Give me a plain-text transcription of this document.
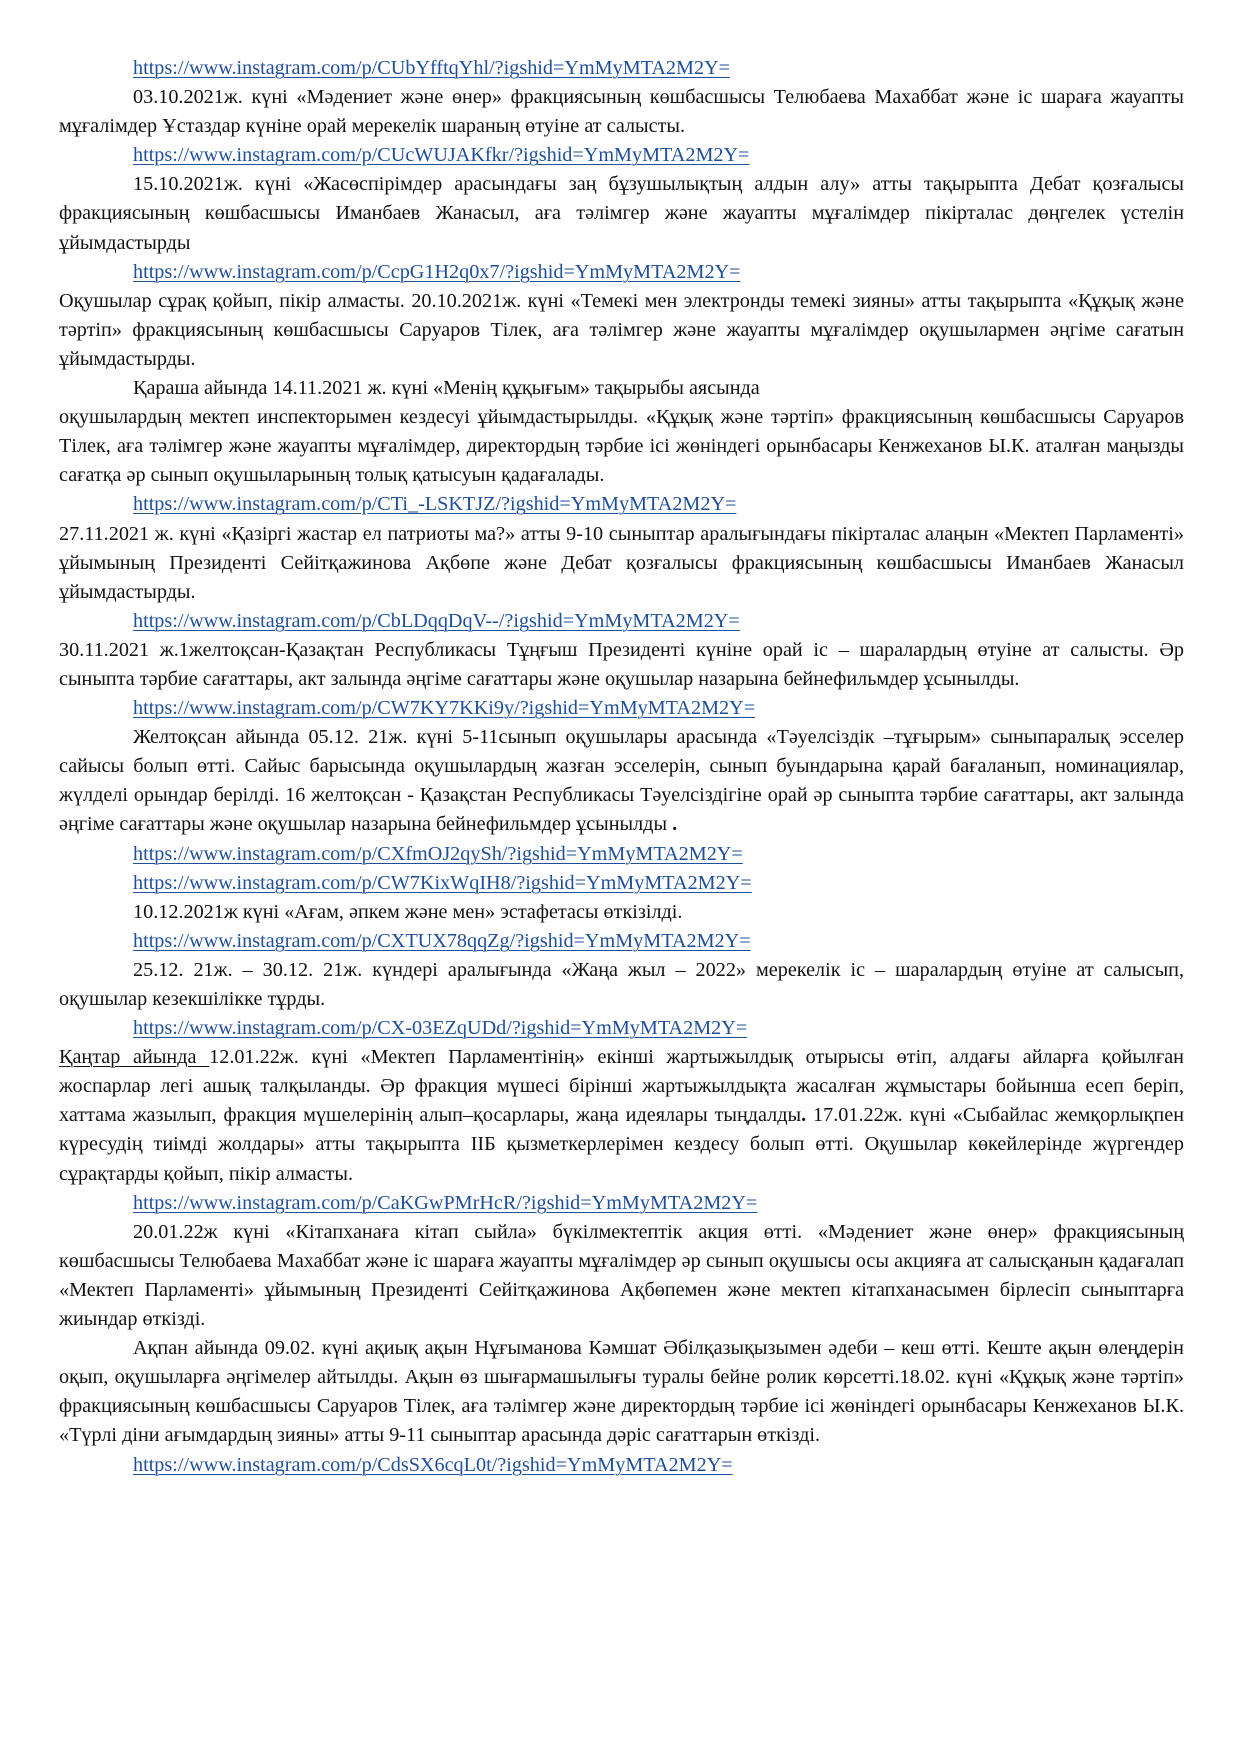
https://www.instagram.com/p/CUbYfftqYhl/?igshid=YmMyMTA2M2Y=

03.10.2021ж. күні «Мәдениет және өнер» фракциясының көшбасшысы Телюбаева Махаббат және іс шараға жауапты мұғалімдер Ұстаздар күніне орай мерекелік шараның өтуіне ат салысты.

https://www.instagram.com/p/CUcWUJAKfkr/?igshid=YmMyMTA2M2Y=

15.10.2021ж. күні «Жасөспірімдер арасындағы заң бұзушылықтың алдын алу» атты тақырыпта Дебат қозғалысы фракциясының көшбасшысы Иманбаев Жанасыл, аға тәлімгер және жауапты мұғалімдер пікірталас дөңгелек үстелін ұйымдастырды

https://www.instagram.com/p/CcpG1H2q0x7/?igshid=YmMyMTA2M2Y=

Оқушылар сұрақ қойып, пікір алмасты. 20.10.2021ж. күні «Темекі мен электронды темекі зияны» атты тақырыпта «Құқық және тәртіп» фракциясының көшбасшысы Саруаров Тілек, аға тәлімгер және жауапты мұғалімдер оқушылармен әңгіме сағатын ұйымдастырды.

Қараша айында 14.11.2021 ж. күні «Менің құқығым» тақырыбы аясында

оқушылардың мектеп инспекторымен кездесуі ұйымдастырылды. «Құқық және тәртіп» фракциясының көшбасшысы Саруаров Тілек, аға тәлімгер және жауапты мұғалімдер, директордың тәрбие ісі жөніндегі орынбасары Кенжеханов Ы.К. аталған маңызды сағатқа әр сынып оқушыларының толық қатысуын қадағалады.

https://www.instagram.com/p/CTi_-LSKTJZ/?igshid=YmMyMTA2M2Y=

27.11.2021 ж. күні «Қазіргі жастар ел патриоты ма?» атты 9-10 сыныптар аралығындағы пікірталас алаңын «Мектеп Парламенті» ұйымының Президенті Сейітқажинова Ақбөпе және Дебат қозғалысы фракциясының көшбасшысы Иманбаев Жанасыл ұйымдастырды.

https://www.instagram.com/p/CbLDqqDqV--/?igshid=YmMyMTA2M2Y=

30.11.2021 ж.1желтоқсан-Қазақтан Республикасы Тұңғыш Президенті күніне орай іс – шаралардың өтуіне ат салысты. Әр сыныпта тәрбие сағаттары, акт залында әңгіме сағаттары және оқушылар назарына бейнефильмдер ұсынылды.

https://www.instagram.com/p/CW7KY7KKi9y/?igshid=YmMyMTA2M2Y=

Желтоқсан айында 05.12. 21ж. күні 5-11сынып оқушылары арасында «Тәуелсіздік –тұғырым» сыныпаралық эсселер сайысы болып өтті. Сайыс барысында оқушылардың жазған эсселерін, сынып буындарына қарай бағаланып, номинациялар, жүлделі орындар берілді. 16 желтоқсан - Қазақстан Республикасы Тәуелсіздігіне орай әр сыныпта тәрбие сағаттары, акт залында әңгіме сағаттары және оқушылар назарына бейнефильмдер ұсынылды .

https://www.instagram.com/p/CXfmOJ2qySh/?igshid=YmMyMTA2M2Y=
https://www.instagram.com/p/CW7KixWqIH8/?igshid=YmMyMTA2M2Y=

10.12.2021ж күні «Ағам, әпкем және мен» эстафетасы өткізілді.

https://www.instagram.com/p/CXTUX78qqZg/?igshid=YmMyMTA2M2Y=

25.12. 21ж. – 30.12. 21ж. күндері аралығында «Жаңа жыл – 2022» мерекелік іс – шаралардың өтуіне ат салысып, оқушылар кезекшілікке тұрды.

https://www.instagram.com/p/CX-03EZqUDd/?igshid=YmMyMTA2M2Y=

Қаңтар айында 12.01.22ж. күні «Мектеп Парламентінің» екінші жартыжылдық отырысы өтіп, алдағы айларға қойылған жоспарлар легі ашық талқыланды. Әр фракция мүшесі бірінші жартыжылдықта жасалған жұмыстары бойынша есеп беріп, хаттама жазылып, фракция мүшелерінің алып–қосарлары, жаңа идеялары тыңдалды. 17.01.22ж. күні «Сыбайлас жемқорлықпен күресудің тиімді жолдары» атты тақырыпта ІІБ қызметкерлерімен кездесу болып өтті. Оқушылар көкейлерінде жүргендер сұрақтарды қойып, пікір алмасты.

https://www.instagram.com/p/CaKGwPMrHcR/?igshid=YmMyMTA2M2Y=

20.01.22ж күні «Кітапханаға кітап сыйла» бүкілмектептік акция өтті. «Мәдениет және өнер» фракциясының көшбасшысы Телюбаева Махаббат және іс шараға жауапты мұғалімдер әр сынып оқушысы осы акцияға ат салысқанын қадағалап «Мектеп Парламенті» ұйымының Президенті Сейітқажинова Ақбөпемен және мектеп кітапханасымен бірлесіп сыныптарға жиындар өткізді.

Ақпан айында 09.02. күні ақиық ақын Нұғыманова Кәмшат Әбілқазықызымен әдеби – кеш өтті. Кеште ақын өлеңдерін оқып, оқушыларға әңгімелер айтылды. Ақын өз шығармашылығы туралы бейне ролик көрсетті.18.02. күні «Құқық және тәртіп» фракциясының көшбасшысы Саруаров Тілек, аға тәлімгер және директордың тәрбие ісі жөніндегі орынбасары Кенжеханов Ы.К. «Түрлі діни ағымдардың зияны» атты 9-11 сыныптар арасында дәріс сағаттарын өткізді.

https://www.instagram.com/p/CdsSX6cqL0t/?igshid=YmMyMTA2M2Y=
